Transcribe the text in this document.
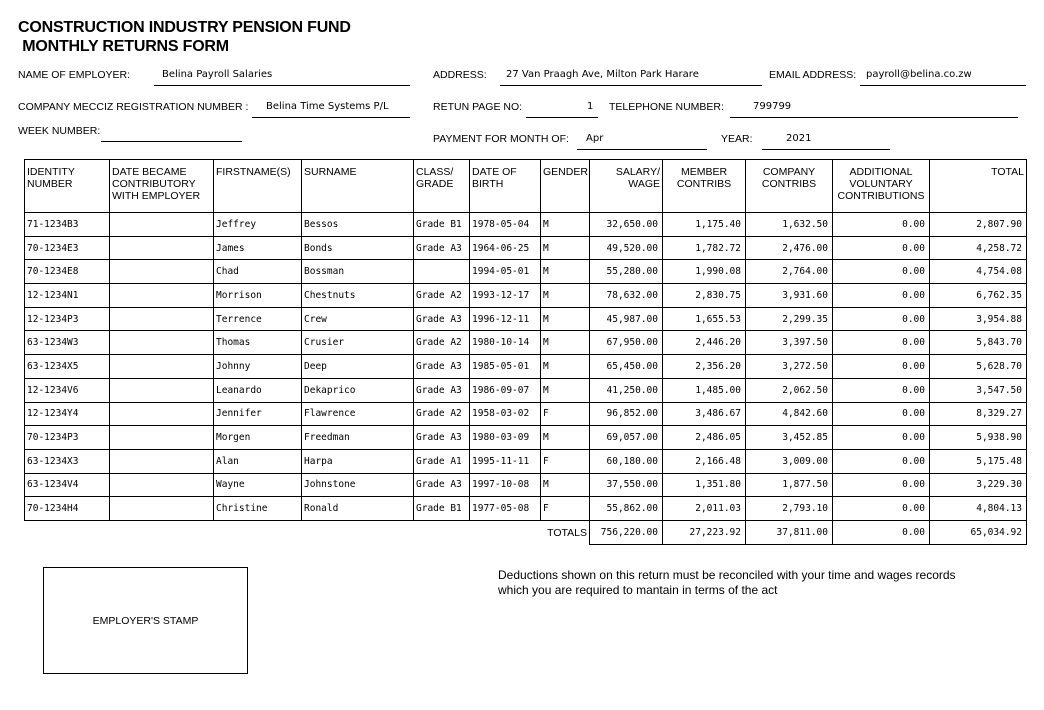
CONSTRUCTION INDUSTRY PENSION FUND
MONTHLY RETURNS FORM
NAME OF EMPLOYER:	Belina Payroll Salaries	ADDRESS: 27 Van Praagh Ave, Milton Park Harare	EMAIL ADDRESS: payroll@belina.co.zw
COMPANY MECCIZ REGISTRATION NUMBER : Belina Time Systems P/L	RETUN PAGE NO:	1 TELEPHONE NUMBER:	799799
WEEK NUMBER:
PAYMENT FOR MONTH OF: Apr	YEAR:	2021
IDENTITY NUMBER	DATE BECAME CONTRIBUTORY WITH EMPLOYER	FIRSTNAME(S)	SURNAME	CLASS/ GRADE	DATE OF BIRTH	GENDER	SALARY/ WAGE	MEMBER CONTRIBS	COMPANY CONTRIBS	ADDITIONAL VOLUNTARY CONTRIBUTIONS	TOTAL
71-1234B3		Jeffrey	Bessos	Grade B1	1978-05-04	M	32,650.00	1,175.40	1,632.50	0.00	2,807.90
70-1234E3		James	Bonds	Grade A3	1964-06-25	M	49,520.00	1,782.72	2,476.00	0.00	4,258.72
70-1234E8		Chad	Bossman		1994-05-01	M	55,280.00	1,990.08	2,764.00	0.00	4,754.08
12-1234N1		Morrison	Chestnuts	Grade A2	1993-12-17	M	78,632.00	2,830.75	3,931.60	0.00	6,762.35
12-1234P3		Terrence	Crew	Grade A3	1996-12-11	M	45,987.00	1,655.53	2,299.35	0.00	3,954.88
63-1234W3		Thomas	Crusier	Grade A2	1980-10-14	M	67,950.00	2,446.20	3,397.50	0.00	5,843.70
63-1234X5		Johnny	Deep	Grade A3	1985-05-01	M	65,450.00	2,356.20	3,272.50	0.00	5,628.70
12-1234V6		Leanardo	Dekaprico	Grade A3	1986-09-07	M	41,250.00	1,485.00	2,062.50	0.00	3,547.50
12-1234Y4		Jennifer	Flawrence	Grade A2	1958-03-02	F	96,852.00	3,486.67	4,842.60	0.00	8,329.27
70-1234P3		Morgen	Freedman	Grade A3	1980-03-09	M	69,057.00	2,486.05	3,452.85	0.00	5,938.90
63-1234X3		Alan	Harpa	Grade A1	1995-11-11	F	60,180.00	2,166.48	3,009.00	0.00	5,175.48
63-1234V4		Wayne	Johnstone	Grade A3	1997-10-08	M	37,550.00	1,351.80	1,877.50	0.00	3,229.30
70-1234H4		Christine	Ronald	Grade B1	1977-05-08	F	55,862.00	2,011.03	2,793.10	0.00	4,804.13
TOTALS							756,220.00	27,223.92	37,811.00	0.00	65,034.92
EMPLOYER'S STAMP
Deductions shown on this return must be reconciled with your time and wages records
which you are required to mantain in terms of the act
